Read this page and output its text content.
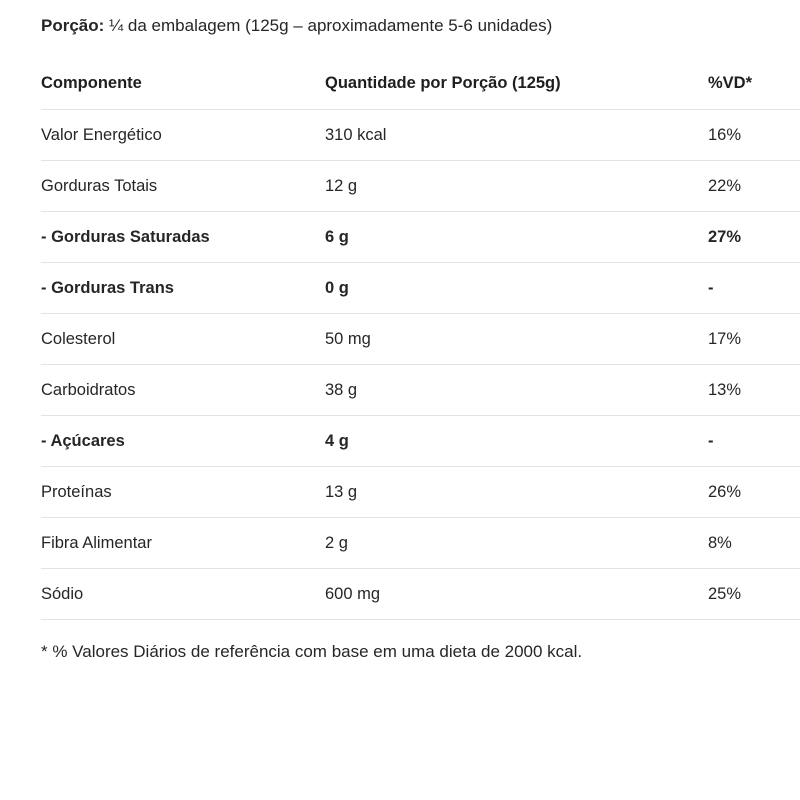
Porção: ¼ da embalagem (125g – aproximadamente 5-6 unidades)
Componente	Quantidade por Porção (125g)	%VD*
Valor Energético	310 kcal	16%
Gorduras Totais	12 g	22%
- Gorduras Saturadas	6 g	27%
- Gorduras Trans	0 g	-
Colesterol	50 mg	17%
Carboidratos	38 g	13%
- Açúcares	4 g	-
Proteínas	13 g	26%
Fibra Alimentar	2 g	8%
Sódio	600 mg	25%
* % Valores Diários de referência com base em uma dieta de 2000 kcal.
